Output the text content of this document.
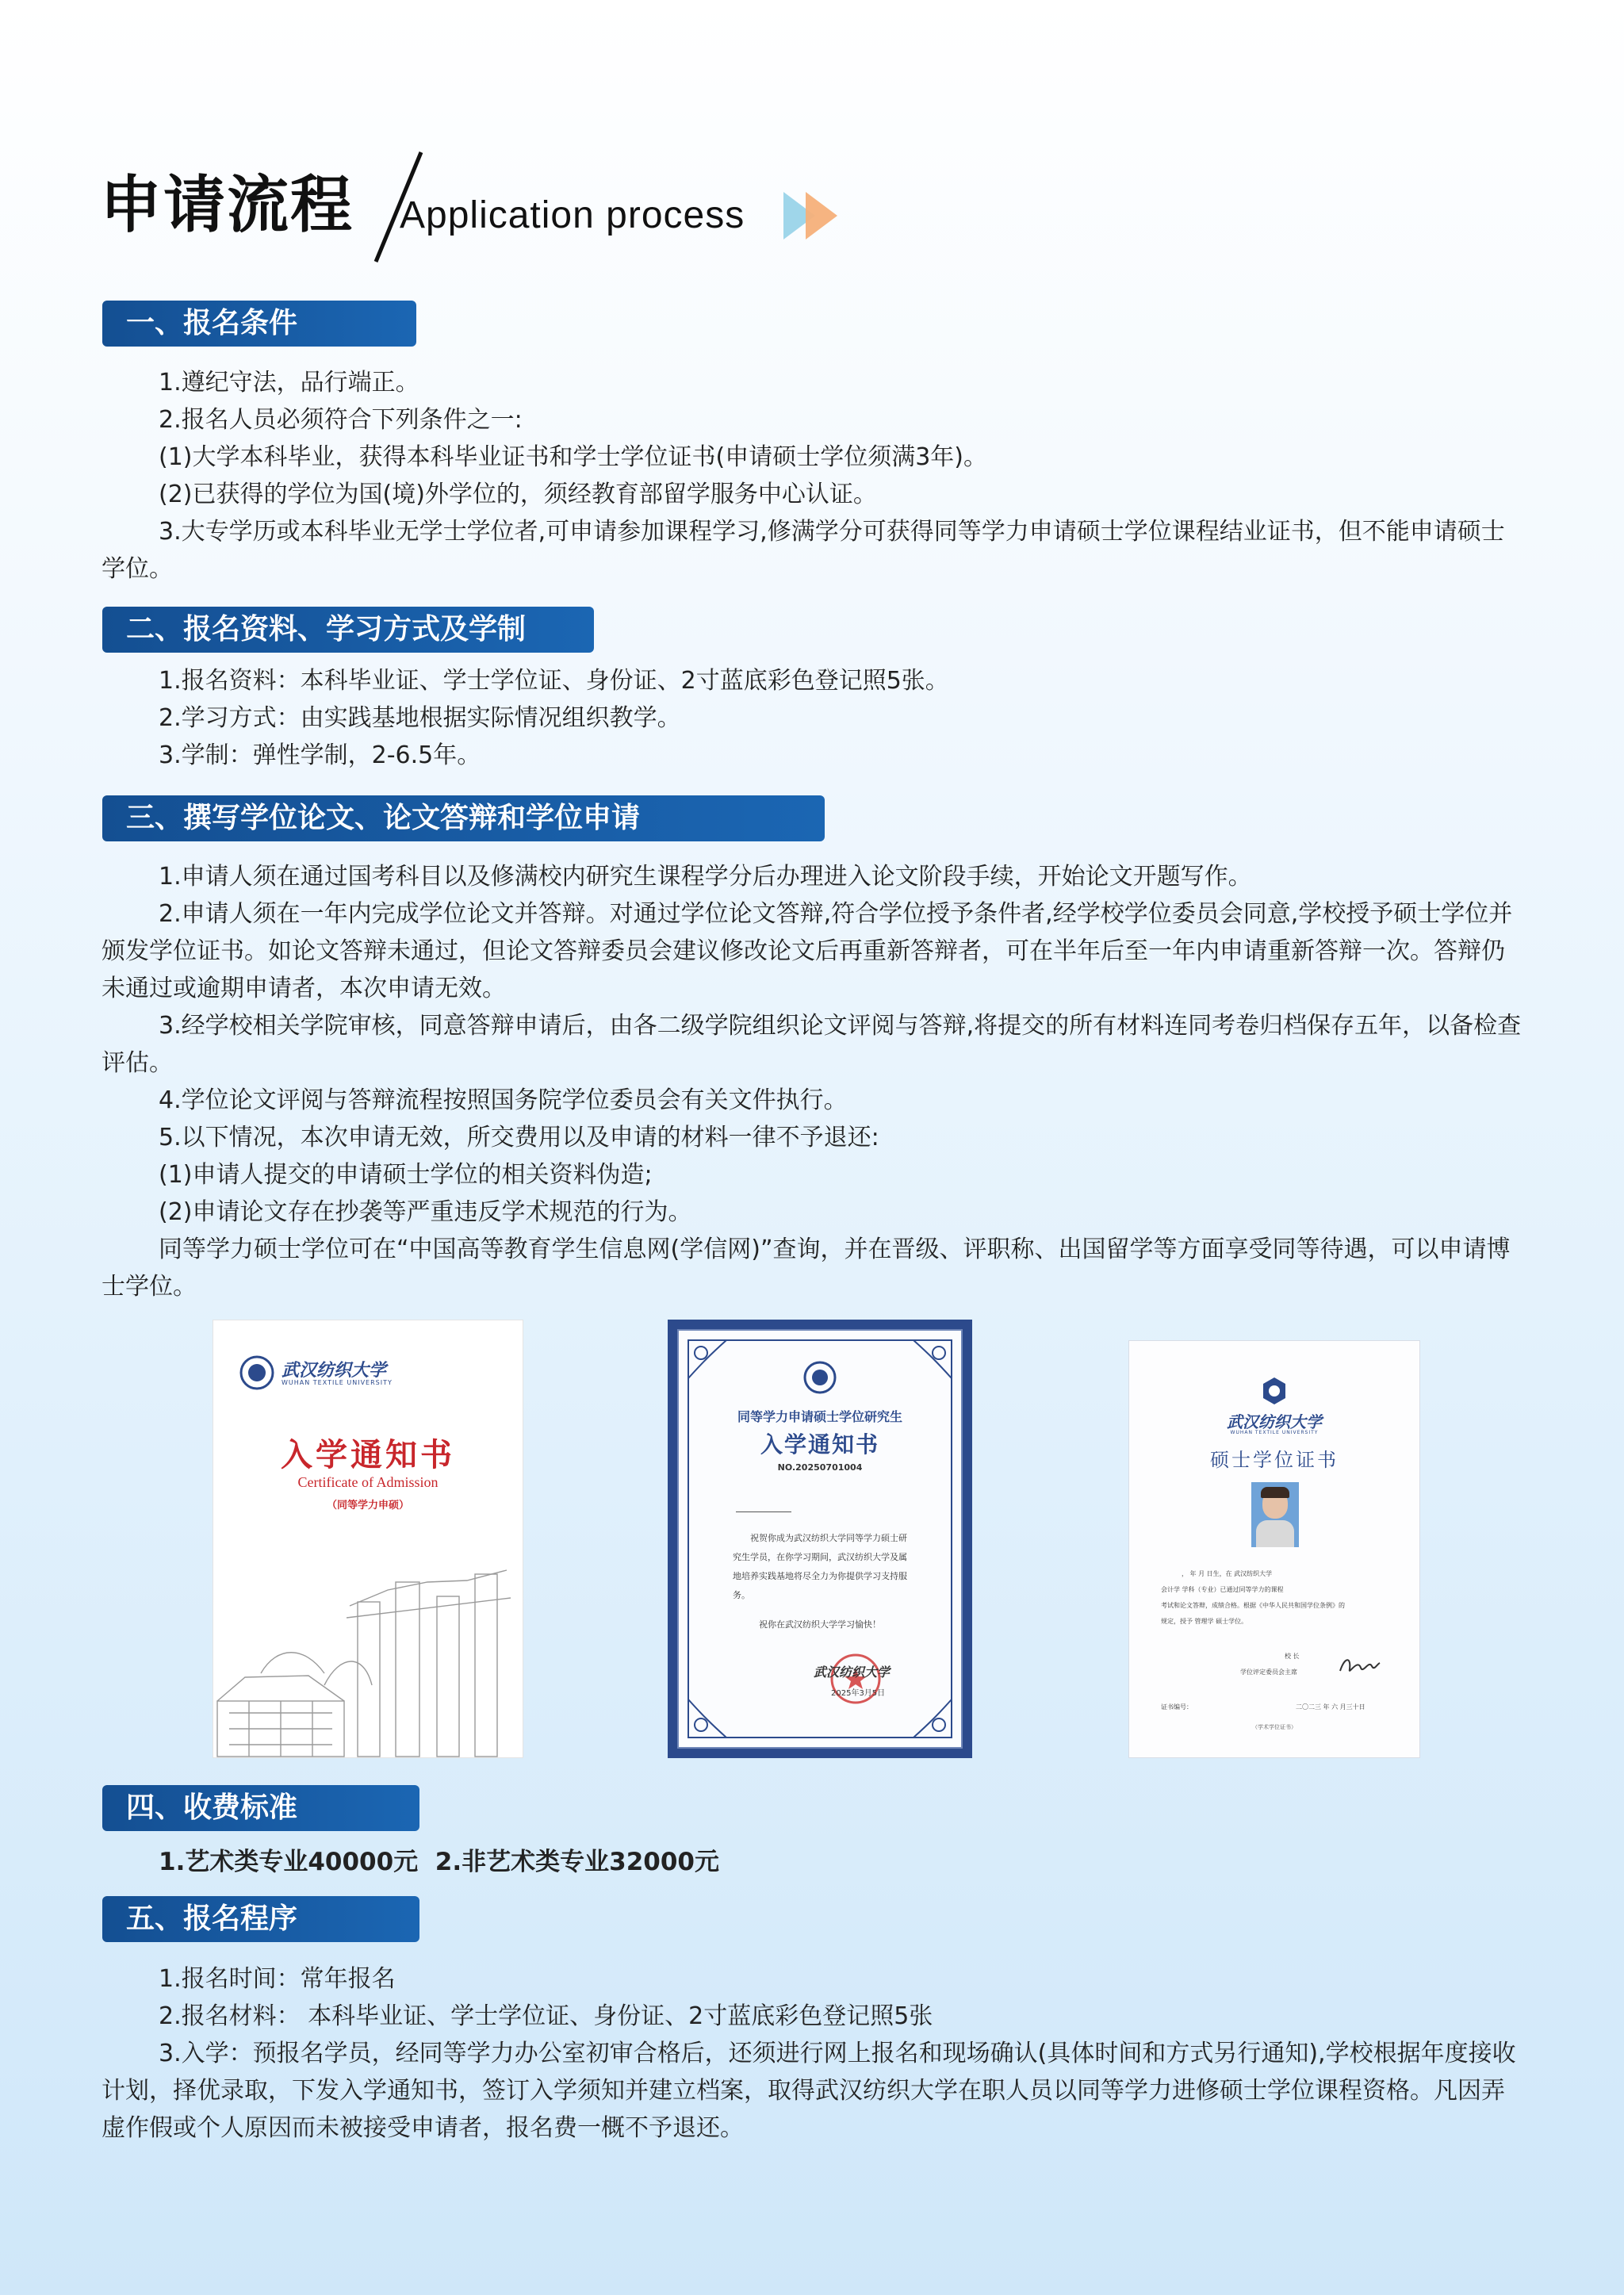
申请流程 Application process
一、报名条件

1.遵纪守法，品行端正。

2.报名人员必须符合下列条件之一:

(1)大学本科毕业，获得本科毕业证书和学士学位证书(申请硕士学位须满3年)。

(2)已获得的学位为国(境)外学位的，须经教育部留学服务中心认证。

3.大专学历或本科毕业无学士学位者,可申请参加课程学习,修满学分可获得同等学力申请硕士学位课程结业证书，但不能申请硕士学位。

二、报名资料、学习方式及学制

1.报名资料：本科毕业证、学士学位证、身份证、2寸蓝底彩色登记照5张。

2.学习方式：由实践基地根据实际情况组织教学。

3.学制：弹性学制，2-6.5年。

三、撰写学位论文、论文答辩和学位申请

1.申请人须在通过国考科目以及修满校内研究生课程学分后办理进入论文阶段手续，开始论文开题写作。

2.申请人须在一年内完成学位论文并答辩。对通过学位论文答辩,符合学位授予条件者,经学校学位委员会同意,学校授予硕士学位并颁发学位证书。如论文答辩未通过，但论文答辩委员会建议修改论文后再重新答辩者，可在半年后至一年内申请重新答辩一次。答辩仍未通过或逾期申请者，本次申请无效。

3.经学校相关学院审核，同意答辩申请后，由各二级学院组织论文评阅与答辩,将提交的所有材料连同考卷归档保存五年，以备检查评估。

4.学位论文评阅与答辩流程按照国务院学位委员会有关文件执行。

5.以下情况，本次申请无效，所交费用以及申请的材料一律不予退还:

(1)申请人提交的申请硕士学位的相关资料伪造;

(2)申请论文存在抄袭等严重违反学术规范的行为。

同等学力硕士学位可在“中国高等教育学生信息网(学信网)”查询，并在晋级、评职称、出国留学等方面享受同等待遇，可以申请博士学位。

武汉纺织大学
WUHAN TEXTILE UNIVERSITY
入学通知书
Certificate of Admission
（同等学力申硕）
同等学力申请硕士学位研究生
入学通知书
NO.20250701004
祝贺你成为武汉纺织大学同等学力硕士研究生学员，在你学习期间，武汉纺织大学及属地培养实践基地将尽全力为你提供学习支持服务。
祝你在武汉纺织大学学习愉快！
武汉纺织大学
2025年3月5日
武汉纺织大学
WUHAN TEXTILE UNIVERSITY
硕士学位证书
， 年 月 日生，在 武汉纺织大学
会计学 学科（专业）已通过同等学力的课程
考试和论文答辩，成绩合格。根据《中华人民共和国学位条例》的
规定，授予 管理学 硕士学位。
校 长
学位评定委员会主席
证书编号：	二〇二三 年 六 月三十日
（学术学位证书）
四、收费标准

1.艺术类专业40000元  2.非艺术类专业32000元

五、报名程序

1.报名时间：常年报名

2.报名材料： 本科毕业证、学士学位证、身份证、2寸蓝底彩色登记照5张

3.入学：预报名学员，经同等学力办公室初审合格后，还须进行网上报名和现场确认(具体时间和方式另行通知),学校根据年度接收计划，择优录取，下发入学通知书，签订入学须知并建立档案，取得武汉纺织大学在职人员以同等学力进修硕士学位课程资格。凡因弄虚作假或个人原因而未被接受申请者，报名费一概不予退还。
